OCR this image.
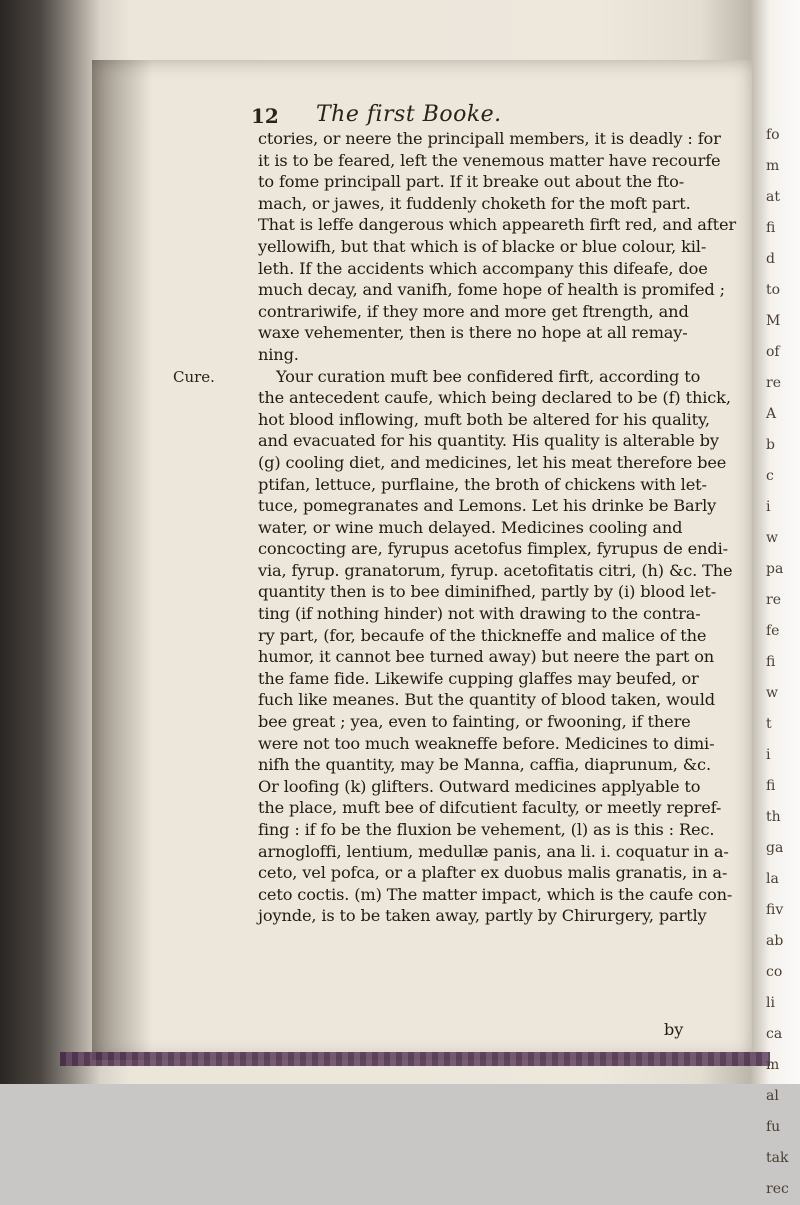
fo
m
at
fi
d
to
M
of
re
A
b
c
i
w
pa
re
fe
fi
w
t
i
fi
th
ga
la
fiv
ab
co
li
ca
m
al
fu
tak
rec
12 The first Booke.
Cure.
ctories, or neere the principall members, it is deadly : for
it is to be feared, left the venemous matter have recourfe
to fome principall part. If it breake out about the fto-
mach, or jawes, it fuddenly choketh for the moft part.
That is leffe dangerous which appeareth firft red, and after
yellowifh, but that which is of blacke or blue colour, kil-
leth. If the accidents which accompany this difeafe, doe
much decay, and vanifh, fome hope of health is promifed ;
contrariwife, if they more and more get ftrength, and
waxe vehementer, then is there no hope at all remay-
ning.
Your curation muft bee confidered firft, according to
the antecedent caufe, which being declared to be (f) thick,
hot blood inflowing, muft both be altered for his quality,
and evacuated for his quantity. His quality is alterable by
(g) cooling diet, and medicines, let his meat therefore bee
ptifan, lettuce, purflaine, the broth of chickens with let-
tuce, pomegranates and Lemons. Let his drinke be Barly
water, or wine much delayed. Medicines cooling and
concocting are, fyrupus acetofus fimplex, fyrupus de endi-
via, fyrup. granatorum, fyrup. acetofitatis citri, (h) &c. The
quantity then is to bee diminifhed, partly by (i) blood let-
ting (if nothing hinder) not with drawing to the contra-
ry part, (for, becaufe of the thickneffe and malice of the
humor, it cannot bee turned away) but neere the part on
the fame fide. Likewife cupping glaffes may beufed, or
fuch like meanes. But the quantity of blood taken, would
bee great ; yea, even to fainting, or fwooning, if there
were not too much weakneffe before. Medicines to dimi-
nifh the quantity, may be Manna, caffia, diaprunum, &c.
Or loofing (k) glifters. Outward medicines applyable to
the place, muft bee of difcutient faculty, or meetly repref-
fing : if fo be the fluxion be vehement, (l) as is this : Rec.
arnogloffi, lentium, medullæ panis, ana li. i. coquatur in a-
ceto, vel pofca, or a plafter ex duobus malis granatis, in a-
ceto coctis. (m) The matter impact, which is the caufe con-
joynde, is to be taken away, partly by Chirurgery, partly
by
